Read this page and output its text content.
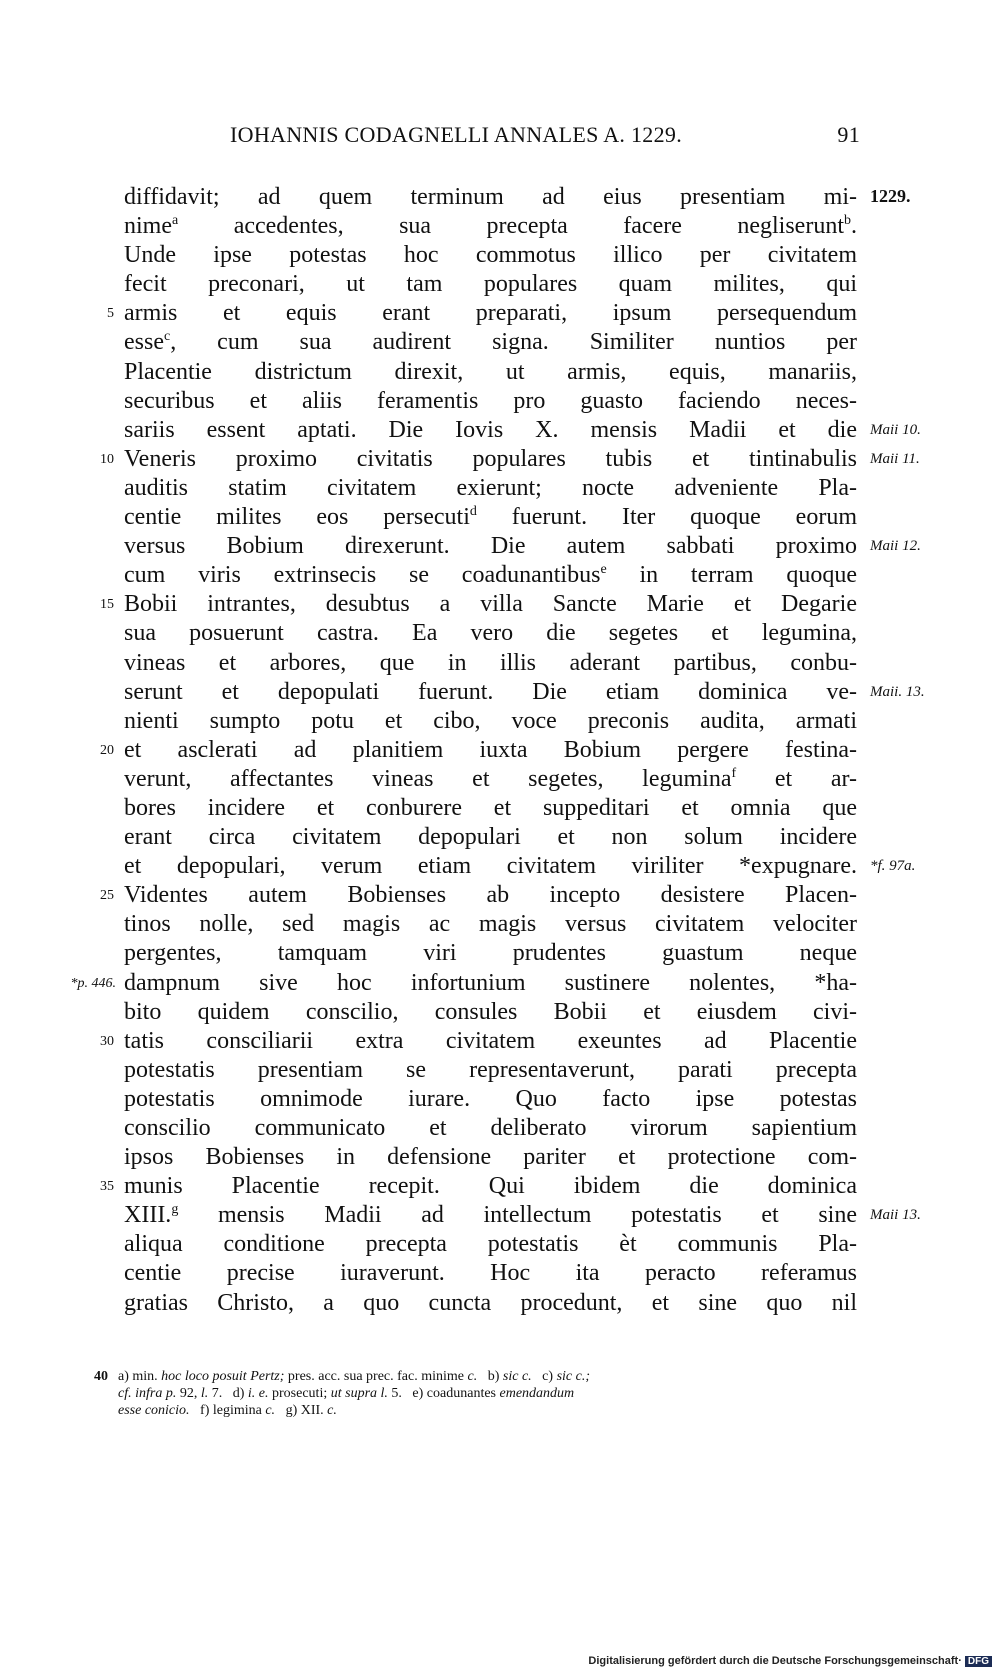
IOHANNIS CODAGNELLI ANNALES A. 1229.	91
diffidavit; ad quem terminum ad eius presentiam mi- 1229.
nime$^a$ accedentes, sua precepta facere negliserunt$^b$.
Unde ipse potestas hoc commotus illico per civitatem
fecit preconari, ut tam populares quam milites, qui
5 armis et equis erant preparati, ipsum persequendum
esse$^c$, cum sua audirent signa. Similiter nuntios per
Placentie districtum direxit, ut armis, equis, manariis,
securibus et aliis feramentis pro guasto faciendo neces-
sariis essent aptati. Die Iovis X. mensis Madii et die Maii 10.
10 Veneris proximo civitatis populares tubis et tintinabulis Maii 11.
auditis statim civitatem exierunt; nocte adveniente Pla-
centie milites eos persecuti$^d$ fuerunt. Iter quoque eorum
versus Bobium direxerunt. Die autem sabbati proximo Maii 12.
cum viris extrinsecis se coadunantibus$^e$ in terram quoque
15 Bobii intrantes, desubtus a villa Sancte Marie et Degarie
sua posuerunt castra. Ea vero die segetes et legumina,
vineas et arbores, que in illis aderant partibus, conbu-
serunt et depopulati fuerunt. Die etiam dominica ve- Maii. 13.
nienti sumpto potu et cibo, voce preconis audita, armati
20 et asclerati ad planitiem iuxta Bobium pergere festina-
verunt, affectantes vineas et segetes, legumina$^f$ et ar-
bores incidere et conburere et suppeditari et omnia que
erant circa civitatem depopulari et non solum incidere
et depopulari, verum etiam civitatem viriliter *expugnare. *f. 97a.
25 Videntes autem Bobienses ab incepto desistere Placen-
tinos nolle, sed magis ac magis versus civitatem velociter
pergentes, tamquam viri prudentes guastum neque
*p. 446. dampnum sive hoc infortunium sustinere nolentes, *ha-
bito quidem conscilio, consules Bobii et eiusdem civi-
30 tatis consciliarii extra civitatem exeuntes ad Placentie
potestatis presentiam se representaverunt, parati precepta
potestatis omnimode iurare. Quo facto ipse potestas
conscilio communicato et deliberato virorum sapientium
ipsos Bobienses in defensione pariter et protectione com-
35 munis Placentie recepit. Qui ibidem die dominica
XIII.$^g$ mensis Madii ad intellectum potestatis et sine Maii 13.
aliqua conditione precepta potestatis èt communis Pla-
centie precise iuraverunt. Hoc ita peracto referamus
gratias Christo, a quo cuncta procedunt, et sine quo nil
40 a) min. hoc loco posuit Pertz; pres. acc. sua prec. fac. minime c.   b) sic c.   c) sic c.;

cf. infra p. 92, l. 7.   d) i. e. prosecuti; ut supra l. 5.   e) coadunantes emendandum

esse conicio.   f) legimina c.   g) XII. c.

Digitalisierung gefördert durch die Deutsche Forschungsgemeinschaft· DFG
